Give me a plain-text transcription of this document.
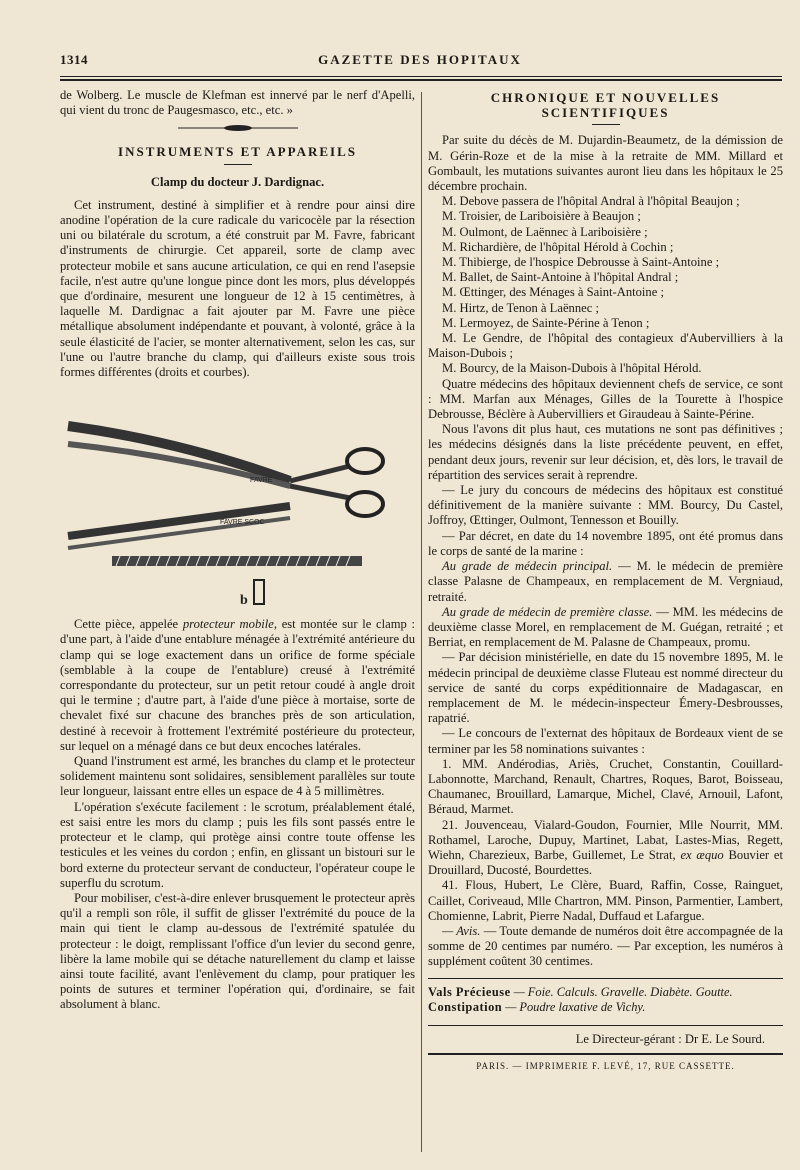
1314	GAZETTE DES HOPITAUX

de Wolberg. Le muscle de Klefman est innervé par le nerf d'Apelli, qui vient du tronc de Paugesmasco, etc., etc. »

INSTRUMENTS ET APPAREILS
Clamp du docteur J. Dardignac.

Cet instrument, destiné à simplifier et à rendre pour ainsi dire anodine l'opération de la cure radicale du varicocèle par la résection uni ou bilatérale du scrotum, a été construit par M. Favre, fabricant d'instruments de chirurgie. Cet appareil, sorte de clamp avec protecteur mobile et sans aucune articulation, ce qui en rend l'asepsie facile, n'est autre qu'une longue pince dont les mors, plus développés que d'ordinaire, mesurent une longueur de 12 à 15 centimètres, à laquelle M. Dardignac a fait ajouter par M. Favre une pièce métallique absolument indépendante et pouvant, à volonté, grâce à la seule élasticité de l'acier, se monter alternativement, selon les cas, sur l'une ou l'autre branche du clamp, qui d'ailleurs existe sous trois formes différentes (droits et courbes).

FAVRE
FAVRE SCOC
b

Cette pièce, appelée protecteur mobile, est montée sur le clamp : d'une part, à l'aide d'une entablure ménagée à l'extrémité antérieure du clamp qui se loge exactement dans un orifice de forme spéciale (semblable à la coupe de l'entablure) creusé à l'extrémité correspondante du protecteur, sur un petit retour coudé à angle droit qui le termine ; d'autre part, à l'aide d'une pièce à mortaise, sorte de chevalet fixé sur chacune des branches près de son articulation, destiné à recevoir à frottement l'extrémité postérieure du protecteur, sur lequel on a ménagé dans ce but deux encoches latérales.

Quand l'instrument est armé, les branches du clamp et le protecteur solidement maintenu sont solidaires, sensiblement parallèles sur toute leur longueur, laissant entre elles un espace de 4 à 5 millimètres.

L'opération s'exécute facilement : le scrotum, préalablement étalé, est saisi entre les mors du clamp ; puis les fils sont passés entre le protecteur et le clamp, qui protège ainsi contre toute offense les testicules et les veines du cordon ; enfin, en glissant un bistouri sur le bord externe du protecteur servant de conducteur, l'opérateur coupe le superflu du scrotum.

Pour mobiliser, c'est-à-dire enlever brusquement le protecteur après qu'il a rempli son rôle, il suffit de glisser l'extrémité du pouce de la main qui tient le clamp au-dessous de l'extrémité spatulée du protecteur : le doigt, remplissant l'office d'un levier du second genre, libère la lame mobile qui se détache naturellement du clamp et laisse ainsi toute facilité, avant l'enlèvement du clamp, pour pratiquer les points de sutures et terminer l'opération qui, d'ordinaire, se fait absolument à blanc.

CHRONIQUE ET NOUVELLES SCIENTIFIQUES

Par suite du décès de M. Dujardin-Beaumetz, de la démission de M. Gérin-Roze et de la mise à la retraite de MM. Millard et Gombault, les mutations suivantes auront lieu dans les hôpitaux le 25 décembre prochain.

M. Debove passera de l'hôpital Andral à l'hôpital Beaujon ;

M. Troisier, de Lariboisière à Beaujon ;

M. Oulmont, de Laënnec à Lariboisière ;

M. Richardière, de l'hôpital Hérold à Cochin ;

M. Thibierge, de l'hospice Debrousse à Saint-Antoine ;

M. Ballet, de Saint-Antoine à l'hôpital Andral ;

M. Œttinger, des Ménages à Saint-Antoine ;

M. Hirtz, de Tenon à Laënnec ;

M. Lermoyez, de Sainte-Périne à Tenon ;

M. Le Gendre, de l'hôpital des contagieux d'Aubervilliers à la Maison-Dubois ;

M. Bourcy, de la Maison-Dubois à l'hôpital Hérold.

Quatre médecins des hôpitaux deviennent chefs de service, ce sont : MM. Marfan aux Ménages, Gilles de la Tourette à l'hospice Debrousse, Béclère à Aubervilliers et Giraudeau à Sainte-Périne.

Nous l'avons dit plus haut, ces mutations ne sont pas définitives ; les médecins désignés dans la liste précédente peuvent, en effet, pendant deux jours, revenir sur leur décision, et, dès lors, le travail de répartition des services serait à reprendre.

— Le jury du concours de médecins des hôpitaux est constitué définitivement de la manière suivante : MM. Bourcy, Du Castel, Joffroy, Œttinger, Oulmont, Tennesson et Bouilly.

— Par décret, en date du 14 novembre 1895, ont été promus dans le corps de santé de la marine :

Au grade de médecin principal. — M. le médecin de première classe Palasne de Champeaux, en remplacement de M. Vergniaud, retraité.

Au grade de médecin de première classe. — MM. les médecins de deuxième classe Morel, en remplacement de M. Guégan, retraité ; et Berriat, en remplacement de M. Palasne de Champeaux, promu.

— Par décision ministérielle, en date du 15 novembre 1895, M. le médecin principal de deuxième classe Fluteau est nommé directeur du service de santé du corps expéditionnaire de Madagascar, en remplacement de M. le médecin-inspecteur Émery-Desbrousses, rapatrié.

— Le concours de l'externat des hôpitaux de Bordeaux vient de se terminer par les 58 nominations suivantes :

1. MM. Andérodias, Ariès, Cruchet, Constantin, Couillard-Labonnotte, Marchand, Renault, Chartres, Roques, Barot, Boisseau, Chaumanec, Brouillard, Lamarque, Michel, Clavé, Arnouil, Lafont, Béraud, Marmet.

21. Jouvenceau, Vialard-Goudon, Fournier, Mlle Nourrit, MM. Rothamel, Laroche, Dupuy, Martinet, Labat, Lastes-Mias, Regett, Wiehn, Charezieux, Barbe, Guillemet, Le Strat, ex æquo Bouvier et Drouillard, Ducosté, Bourdettes.

41. Flous, Hubert, Le Clère, Buard, Raffin, Cosse, Rainguet, Caillet, Coriveaud, Mlle Chartron, MM. Pinson, Parmentier, Lambert, Chomienne, Labrit, Pierre Nadal, Duffaud et Lafargue.

— Avis. — Toute demande de numéros doit être accompagnée de la somme de 20 centimes par numéro. — Par exception, les numéros à supplément coûtent 30 centimes.

Vals Précieuse — Foie. Calculs. Gravelle. Diabète. Goutte.
Constipation — Poudre laxative de Vichy.
Le Directeur-gérant : Dr E. Le Sourd.
PARIS. — IMPRIMERIE F. LEVÉ, 17, RUE CASSETTE.
